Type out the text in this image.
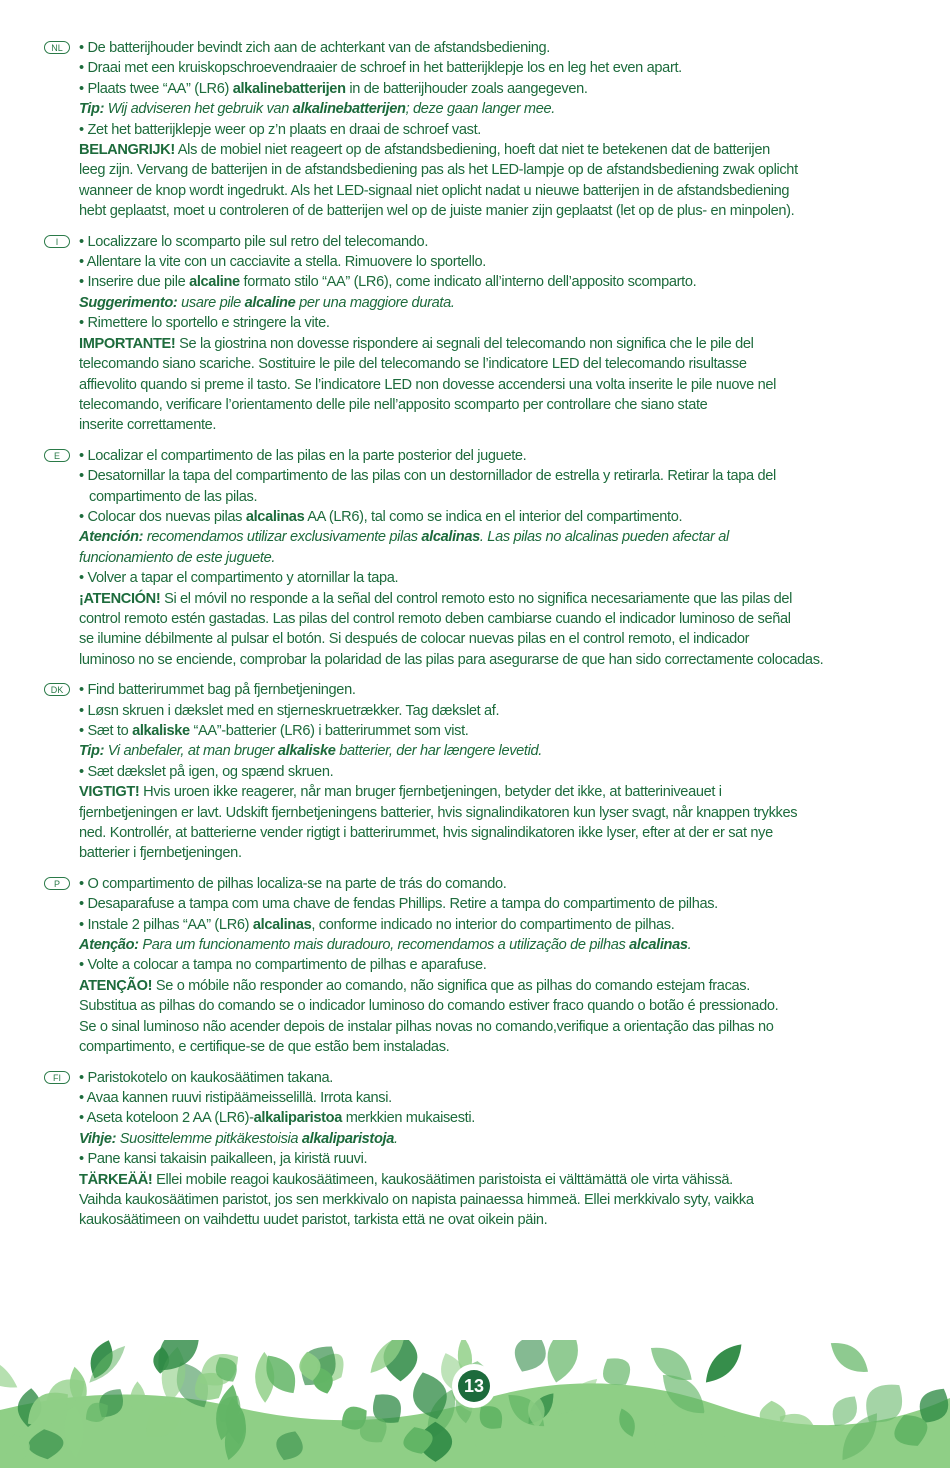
NL	• De batterijhouder bevindt zich aan de achterkant van de afstandsbediening.
• Draai met een kruiskopschroevendraaier de schroef in het batterijklepje los en leg het even apart.
• Plaats twee “AA” (LR6) alkalinebatterijen in de batterijhouder zoals aangegeven.
Tip: Wij adviseren het gebruik van alkalinebatterijen; deze gaan langer mee.
• Zet het batterijklepje weer op z’n plaats en draai de schroef vast.
BELANGRIJK! Als de mobiel niet reageert op de afstandsbediening, hoeft dat niet te betekenen dat de batterijen
leeg zijn. Vervang de batterijen in de afstandsbediening pas als het LED-lampje op de afstandsbediening zwak oplicht
wanneer de knop wordt ingedrukt. Als het LED-signaal niet oplicht nadat u nieuwe batterijen in de afstandsbediening
hebt geplaatst, moet u controleren of de batterijen wel op de juiste manier zijn geplaatst (let op de plus- en minpolen).
I	• Localizzare lo scomparto pile sul retro del telecomando.
• Allentare la vite con un cacciavite a stella. Rimuovere lo sportello.
• Inserire due pile alcaline formato stilo “AA” (LR6), come indicato all’interno dell’apposito scomparto.
Suggerimento: usare pile alcaline per una maggiore durata.
• Rimettere lo sportello e stringere la vite.
IMPORTANTE! Se la giostrina non dovesse rispondere ai segnali del telecomando non significa che le pile del
telecomando siano scariche. Sostituire le pile del telecomando se l’indicatore LED del telecomando risultasse
affievolito quando si preme il tasto. Se l’indicatore LED non dovesse accendersi una volta inserite le pile nuove nel
telecomando, verificare l’orientamento delle pile nell’apposito scomparto per controllare che siano state
inserite correttamente.
E	• Localizar el compartimento de las pilas en la parte posterior del juguete.
• Desatornillar la tapa del compartimento de las pilas con un destornillador de estrella y retirarla. Retirar la tapa del
compartimento de las pilas.
• Colocar dos nuevas pilas alcalinas AA (LR6), tal como se indica en el interior del compartimento.
Atención: recomendamos utilizar exclusivamente pilas alcalinas. Las pilas no alcalinas pueden afectar al
funcionamiento de este juguete.
• Volver a tapar el compartimento y atornillar la tapa.
¡ATENCIÓN! Si el móvil no responde a la señal del control remoto esto no significa necesariamente que las pilas del
control remoto estén gastadas. Las pilas del control remoto deben cambiarse cuando el indicador luminoso de señal
se ilumine débilmente al pulsar el botón. Si después de colocar nuevas pilas en el control remoto, el indicador
luminoso no se enciende, comprobar la polaridad de las pilas para asegurarse de que han sido correctamente colocadas.
DK	• Find batterirummet bag på fjernbetjeningen.
• Løsn skruen i dækslet med en stjerneskruetrækker. Tag dækslet af.
• Sæt to alkaliske “AA”-batterier (LR6) i batterirummet som vist.
Tip: Vi anbefaler, at man bruger alkaliske batterier, der har længere levetid.
• Sæt dækslet på igen, og spænd skruen.
VIGTIGT! Hvis uroen ikke reagerer, når man bruger fjernbetjeningen, betyder det ikke, at batteriniveauet i
fjernbetjeningen er lavt. Udskift fjernbetjeningens batterier, hvis signalindikatoren kun lyser svagt, når knappen trykkes
ned. Kontrollér, at batterierne vender rigtigt i batterirummet, hvis signalindikatoren ikke lyser, efter at der er sat nye
batterier i fjernbetjeningen.
P	• O compartimento de pilhas localiza-se na parte de trás do comando.
• Desaparafuse a tampa com uma chave de fendas Phillips. Retire a tampa do compartimento de pilhas.
• Instale 2 pilhas “AA” (LR6) alcalinas, conforme indicado no interior do compartimento de pilhas.
Atenção: Para um funcionamento mais duradouro, recomendamos a utilização de pilhas alcalinas.
• Volte a colocar a tampa no compartimento de pilhas e aparafuse.
ATENÇÃO! Se o móbile não responder ao comando, não significa que as pilhas do comando estejam fracas.
Substitua as pilhas do comando se o indicador luminoso do comando estiver fraco quando o botão é pressionado.
Se o sinal luminoso não acender depois de instalar pilhas novas no comando,verifique a orientação das pilhas no
compartimento, e certifique-se de que estão bem instaladas.
FI	• Paristokotelo on kaukosäätimen takana.
• Avaa kannen ruuvi ristipäämeisselillä. Irrota kansi.
• Aseta koteloon 2 AA (LR6)-alkaliparistoa merkkien mukaisesti.
Vihje: Suosittelemme pitkäkestoisia alkaliparistoja.
• Pane kansi takaisin paikalleen, ja kiristä ruuvi.
TÄRKEÄÄ! Ellei mobile reagoi kaukosäätimeen, kaukosäätimen paristoista ei välttämättä ole virta vähissä.
Vaihda kaukosäätimen paristot, jos sen merkkivalo on napista painaessa himmeä. Ellei merkkivalo syty, vaikka
kaukosäätimeen on vaihdettu uudet paristot, tarkista että ne ovat oikein päin.
13
